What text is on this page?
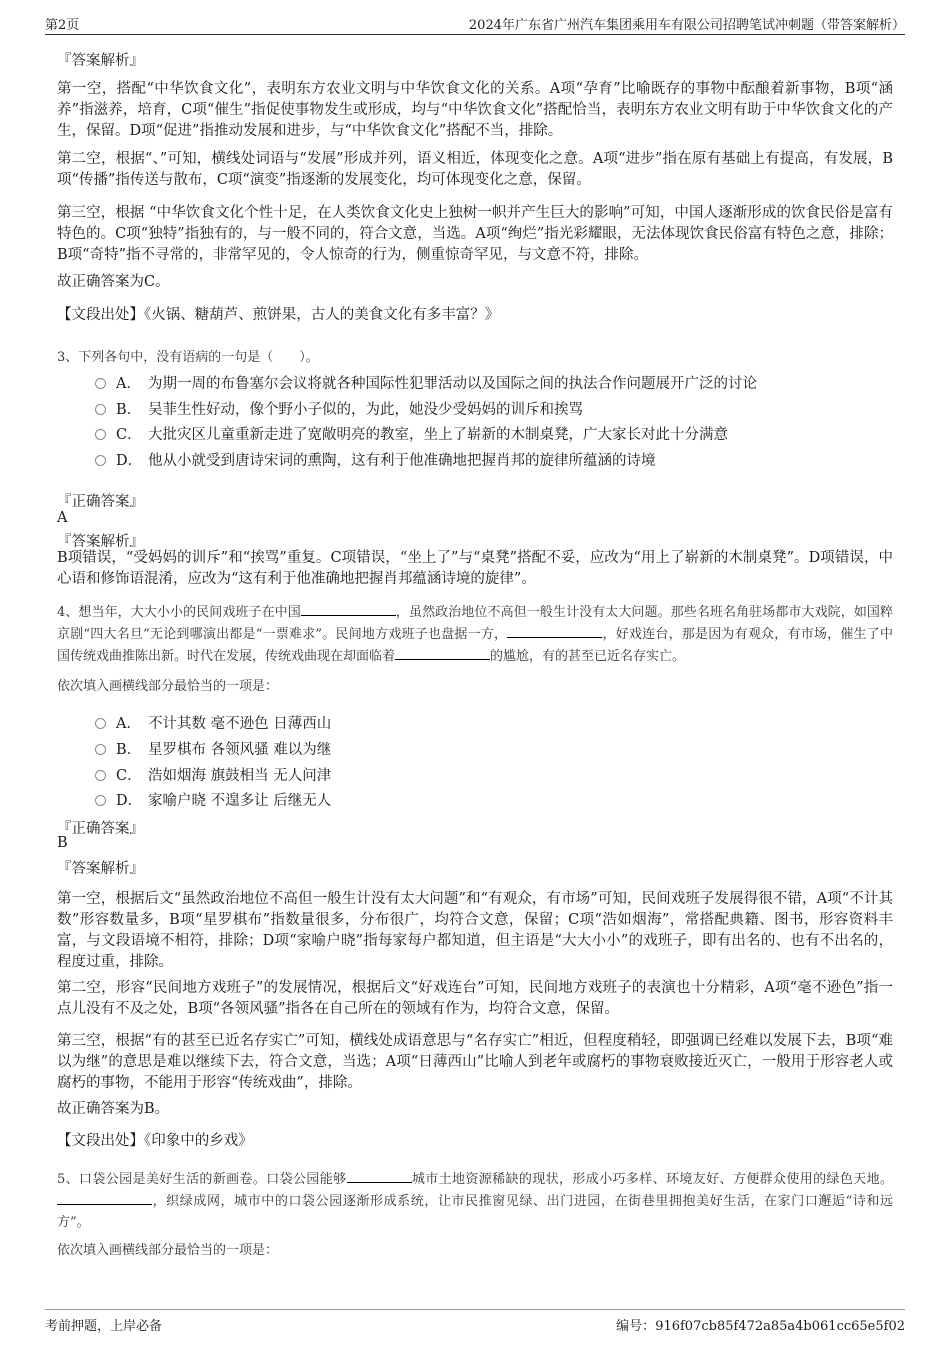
第2页	2024年广东省广州汽车集团乘用车有限公司招聘笔试冲刺题（带答案解析）
『答案解析』
第一空，搭配“中华饮食文化”，表明东方农业文明与中华饮食文化的关系。A项“孕育”比喻既存的事物中酝酿着新事物，B项“涵养”指滋养，培育，C项“催生”指促使事物发生或形成，均与“中华饮食文化”搭配恰当，表明东方农业文明有助于中华饮食文化的产生，保留。D项“促进”指推动发展和进步，与“中华饮食文化”搭配不当，排除。
第二空，根据“、”可知，横线处词语与“发展”形成并列，语义相近，体现变化之意。A项“进步”指在原有基础上有提高，有发展，B项“传播”指传送与散布，C项“演变”指逐渐的发展变化，均可体现变化之意，保留。
第三空，根据 “中华饮食文化个性十足，在人类饮食文化史上独树一帜并产生巨大的影响”可知，中国人逐渐形成的饮食民俗是富有特色的。C项“独特”指独有的，与一般不同的，符合文意，当选。A项“绚烂”指光彩耀眼，无法体现饮食民俗富有特色之意，排除；B项“奇特”指不寻常的，非常罕见的，令人惊奇的行为，侧重惊奇罕见，与文意不符，排除。
故正确答案为C。
【文段出处】《火锅、糖葫芦、煎饼果，古人的美食文化有多丰富？》
3、下列各句中，没有语病的一句是（　　）。
A． 为期一周的布鲁塞尔会议将就各种国际性犯罪活动以及国际之间的执法合作问题展开广泛的讨论
B． 吴菲生性好动，像个野小子似的，为此，她没少受妈妈的训斥和挨骂
C． 大批灾区儿童重新走进了宽敞明亮的教室，坐上了崭新的木制桌凳，广大家长对此十分满意
D． 他从小就受到唐诗宋词的熏陶，这有利于他准确地把握肖邦的旋律所蕴涵的诗境
『正确答案』
A
『答案解析』
B项错误，“受妈妈的训斥”和“挨骂”重复。C项错误，“坐上了”与“桌凳”搭配不妥，应改为“用上了崭新的木制桌凳”。D项错误，中心语和修饰语混淆，应改为“这有利于他准确地把握肖邦蕴涵诗境的旋律”。
4、想当年，大大小小的民间戏班子在中国	，虽然政治地位不高但一般生计没有太大问题。那些名班名角驻场都市大戏院，如国粹京剧“四大名旦”无论到哪演出都是“一票难求”。民间地方戏班子也盘据一方，	，好戏连台，那是因为有观众，有市场，催生了中国传统戏曲推陈出新。时代在发展，传统戏曲现在却面临着	的尴尬，有的甚至已近名存实亡。
依次填入画横线部分最恰当的一项是：
A． 不计其数 毫不逊色 日薄西山
B． 星罗棋布 各领风骚 难以为继
C． 浩如烟海 旗鼓相当 无人问津
D． 家喻户晓 不遑多让 后继无人
『正确答案』
B
『答案解析』
第一空，根据后文“虽然政治地位不高但一般生计没有太大问题”和“有观众，有市场”可知，民间戏班子发展得很不错，A项“不计其数”形容数量多，B项“星罗棋布”指数量很多，分布很广，均符合文意，保留；C项“浩如烟海”，常搭配典籍、图书，形容资料丰富，与文段语境不相符，排除；D项“家喻户晓”指每家每户都知道，但主语是“大大小小”的戏班子，即有出名的、也有不出名的，程度过重，排除。
第二空，形容“民间地方戏班子”的发展情况，根据后文“好戏连台”可知，民间地方戏班子的表演也十分精彩，A项“毫不逊色”指一点儿没有不及之处，B项“各领风骚”指各在自己所在的领域有作为，均符合文意，保留。
第三空，根据“有的甚至已近名存实亡”可知，横线处成语意思与“名存实亡”相近，但程度稍轻，即强调已经难以发展下去，B项“难以为继”的意思是难以继续下去，符合文意，当选；A项“日薄西山”比喻人到老年或腐朽的事物衰败接近灭亡，一般用于形容老人或腐朽的事物，不能用于形容“传统戏曲”，排除。
故正确答案为B。
【文段出处】《印象中的乡戏》
5、口袋公园是美好生活的新画卷。口袋公园能够	城市土地资源稀缺的现状，形成小巧多样、环境友好、方便群众使用的绿色天地。，织绿成网，城市中的口袋公园逐渐形成系统，让市民推窗见绿、出门进园，在街巷里拥抱美好生活，在家门口邂逅“诗和远方”。
依次填入画横线部分最恰当的一项是：
考前押题，上岸必备	编号：916f07cb85f472a85a4b061cc65e5f02
